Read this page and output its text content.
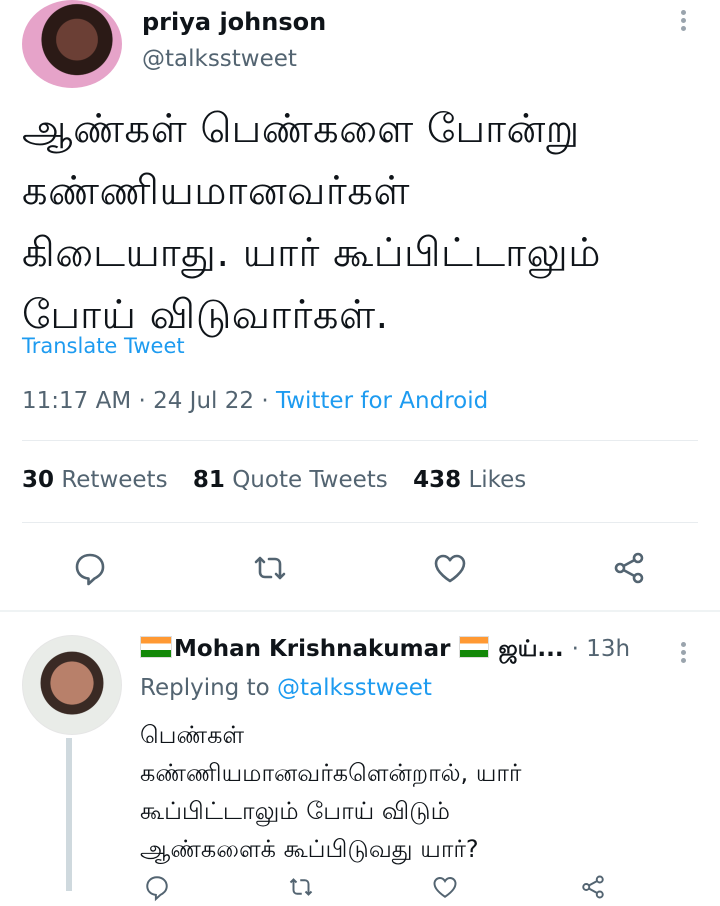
priya johnson
@talksstweet
ஆண்கள் பெண்களை போன்று
கண்ணியமானவர்கள்
கிடையாது. யார் கூப்பிட்டாலும்
போய் விடுவார்கள்.
Translate Tweet
11:17 AM · 24 Jul 22 · Twitter for Android
30 Retweets 81 Quote Tweets 438 Likes
Mohan Krishnakumar ஜய்... · 13h
Replying to @talksstweet
பெண்கள்
கண்ணியமானவர்களென்றால், யார்
கூப்பிட்டாலும் போய் விடும்
ஆண்களைக் கூப்பிடுவது யார்?
